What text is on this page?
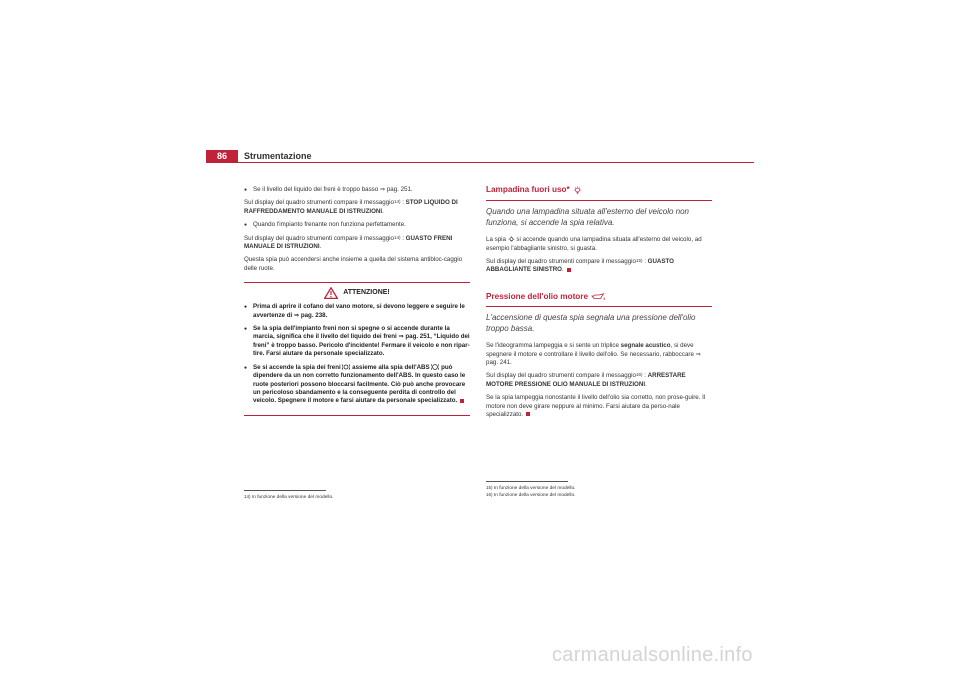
86	Strumentazione

● Se il livello del liquido dei freni è troppo basso ⇒ pag. 251.

Sul display del quadro strumenti compare il messaggio$^{14)}$ : STOP LIQUIDO DI RAFFREDDAMENTO MANUALE DI ISTRUZIONI.

● Quando l'impianto frenante non funziona perfettamente.

Sul display del quadro strumenti compare il messaggio$^{14)}$ : GUASTO FRENI MANUALE DI ISTRUZIONI.

Questa spia può accendersi anche insieme a quella del sistema antibloc-caggio delle ruote.

ATTENZIONE!

● Prima di aprire il cofano del vano motore, si devono leggere e seguire le avvertenze di ⇒ pag. 238.

● Se la spia dell'impianto freni non si spegne o si accende durante la marcia, significa che il livello del liquido dei freni ⇒ pag. 251, “Liquido dei freni” è troppo basso. Pericolo d'incidente! Fermare il veicolo e non ripar-tire. Farsi aiutare da personale specializzato.

● Se si accende la spia dei freni assieme alla spia dell'ABS può dipendere da un non corretto funzionamento dell'ABS. In questo caso le ruote posteriori possono bloccarsi facilmente. Ciò può anche provocare un pericoloso sbandamento e la conseguente perdita di controllo del veicolo. Spegnere il motore e farsi aiutare da personale specializzato.

$^{14)}$ In funzione della versione del modello.
Lampadina fuori uso*
Quando una lampadina situata all'esterno del veicolo non funziona, si accende la spia relativa.

La spia si accende quando una lampadina situata all'esterno del veicolo, ad esempio l'abbagliante sinistro, si guasta.

Sul display del quadro strumenti compare il messaggio$^{15)}$ : GUASTO ABBAGLIANTE SINISTRO.

Pressione dell'olio motore
L'accensione di questa spia segnala una pressione dell'olio troppo bassa.

Se l'ideogramma lampeggia e si sente un triplice segnale acustico, si deve spegnere il motore e controllare il livello dell'olio. Se necessario, rabboccare ⇒ pag. 241.

Sul display del quadro strumenti compare il messaggio$^{16)}$ : ARRESTARE MOTORE PRESSIONE OLIO MANUALE DI ISTRUZIONI.

Se la spia lampeggia nonostante il livello dell'olio sia corretto, non prose-guire. Il motore non deve girare neppure al minimo. Farsi aiutare da perso-nale specializzato.

$^{15)}$ In funzione della versione del modello.
$^{16)}$ In funzione della versione del modello.
carmanualsonline.info
